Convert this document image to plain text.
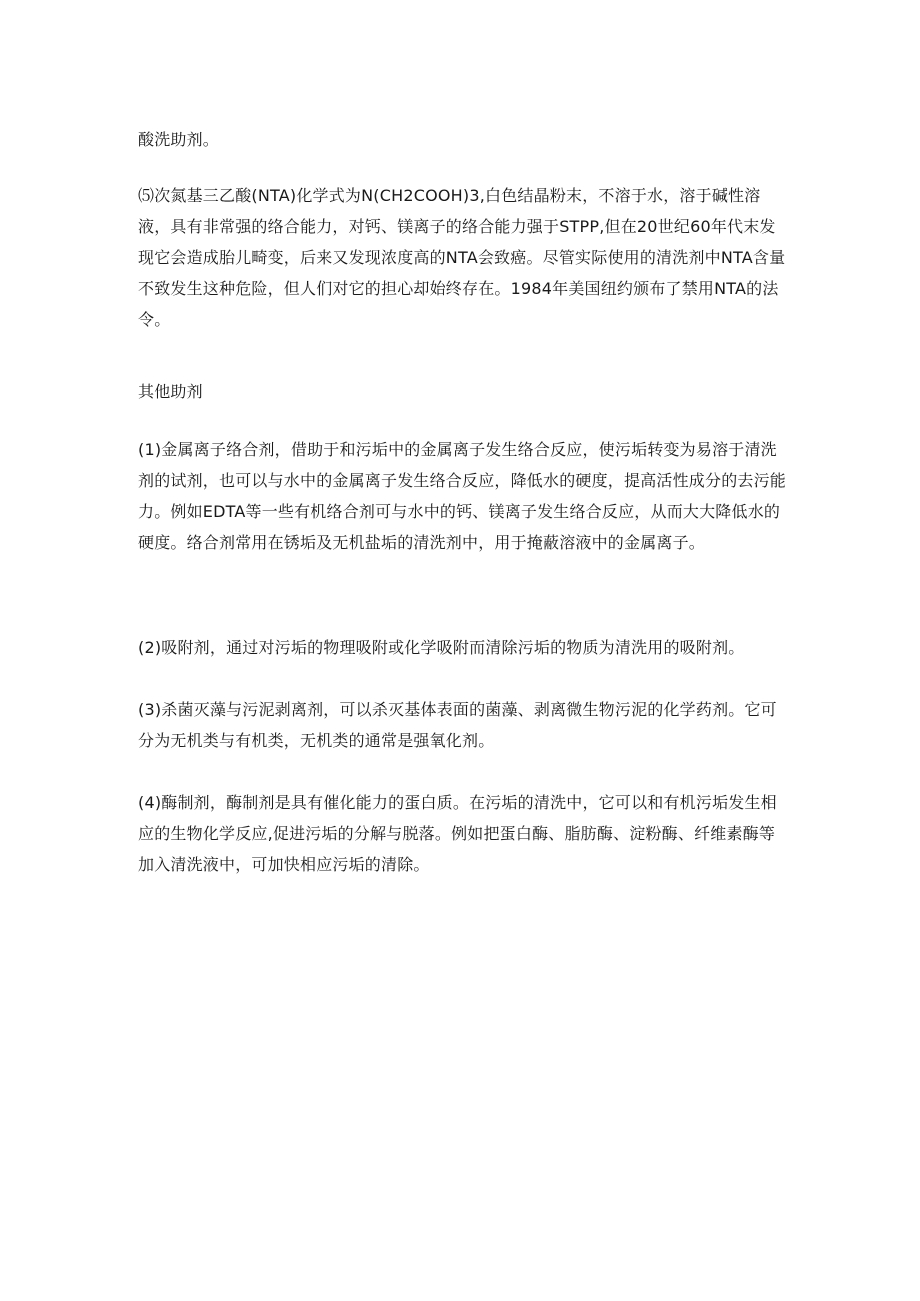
酸洗助剂。

⑸次氮基三乙酸(NTA)化学式为N(CH2COOH)3,白色结晶粉末，不溶于水，溶于碱性溶液，具有非常强的络合能力，对钙、镁离子的络合能力强于STPP,但在20世纪60年代末发现它会造成胎儿畸变，后来又发现浓度高的NTA会致癌。尽管实际使用的清洗剂中NTA含量不致发生这种危险，但人们对它的担心却始终存在。1984年美国纽约颁布了禁用NTA的法令。

其他助剂

(1)金属离子络合剂，借助于和污垢中的金属离子发生络合反应，使污垢转变为易溶于清洗剂的试剂，也可以与水中的金属离子发生络合反应，降低水的硬度，提高活性成分的去污能力。例如EDTA等一些有机络合剂可与水中的钙、镁离子发生络合反应，从而大大降低水的硬度。络合剂常用在锈垢及无机盐垢的清洗剂中，用于掩蔽溶液中的金属离子。

(2)吸附剂，通过对污垢的物理吸附或化学吸附而清除污垢的物质为清洗用的吸附剂。

(3)杀菌灭藻与污泥剥离剂，可以杀灭基体表面的菌藻、剥离微生物污泥的化学药剂。它可分为无机类与有机类，无机类的通常是强氧化剂。

(4)酶制剂，酶制剂是具有催化能力的蛋白质。在污垢的清洗中，它可以和有机污垢发生相应的生物化学反应,促进污垢的分解与脱落。例如把蛋白酶、脂肪酶、淀粉酶、纤维素酶等加入清洗液中，可加快相应污垢的清除。
